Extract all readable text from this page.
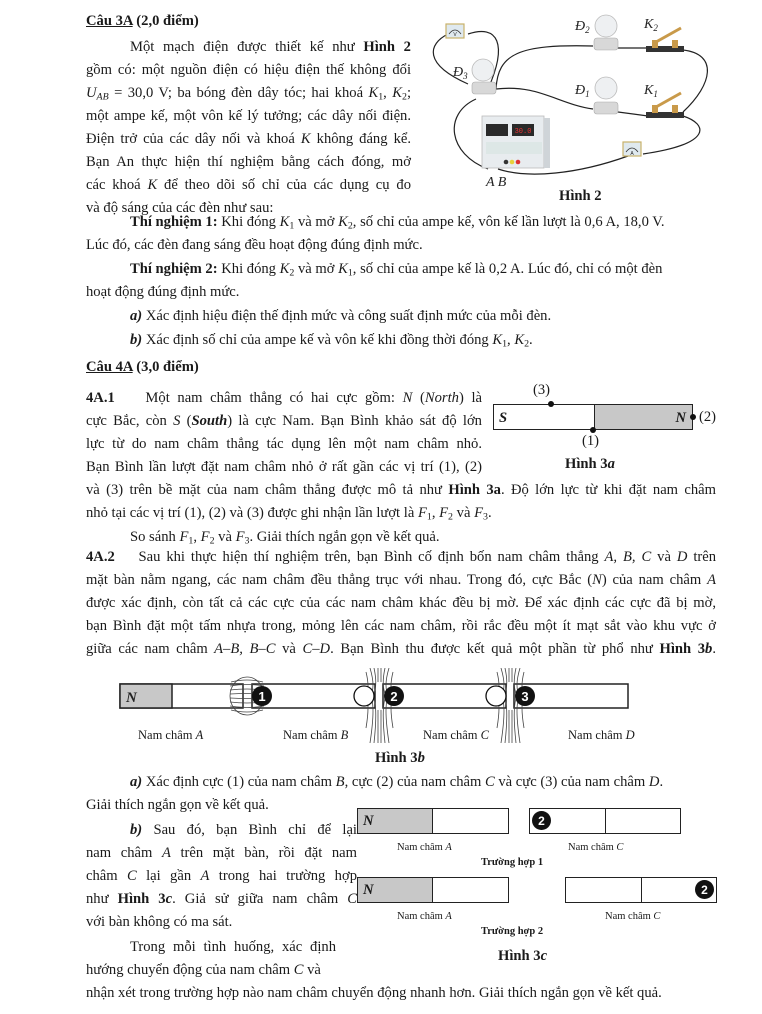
Câu 3A (2,0 điểm)
Một mạch điện được thiết kế như Hình 2
gồm có: một nguồn điện có hiệu điện thế không đổi
$U_{AB} = 30,0$ V; ba bóng đèn dây tóc; hai khoá $K_1$, $K_2$;
một ampe kế, một vôn kế lý tưởng; các dây nối điện.
Điện trở của các dây nối và khoá K không đáng kể.
Bạn An thực hiện thí nghiệm bằng cách đóng, mở
các khoá K để theo dõi số chỉ của các dụng cụ đo
và độ sáng của các đèn như sau:
V
$Đ_3$
$Đ_2$
$Đ_1$
$K_2$
$K_1$
A
30.0
A B
Hình 2
Thí nghiệm 1: Khi đóng $K_1$ và mở $K_2$, số chỉ của ampe kế, vôn kế lần lượt là 0,6 A, 18,0 V.
Lúc đó, các đèn đang sáng đều hoạt động đúng định mức.
Thí nghiệm 2: Khi đóng $K_2$ và mở $K_1$, số chỉ của ampe kế là 0,2 A. Lúc đó, chỉ có một đèn
hoạt động đúng định mức.
a) Xác định hiệu điện thế định mức và công suất định mức của mỗi đèn.
b) Xác định số chỉ của ampe kế và vôn kế khi đồng thời đóng $K_1$, $K_2$.
Câu 4A (3,0 điểm)
4A.1 Một nam châm thẳng có hai cực gồm: N (North) là
cực Bắc, còn S (South) là cực Nam. Bạn Bình khảo sát độ lớn
lực từ do nam châm thẳng tác dụng lên một nam châm nhỏ.
Bạn Bình lần lượt đặt nam châm nhỏ ở rất gần các vị trí (1), (2)
và (3) trên bề mặt của nam châm thẳng được mô tả như Hình 3a. Độ lớn lực từ khi đặt nam châm
nhỏ tại các vị trí (1), (2) và (3) được ghi nhận lần lượt là $F_1$, $F_2$ và $F_3$.
So sánh $F_1$, $F_2$ và $F_3$. Giải thích ngắn gọn về kết quả.
(3)
S	N (2)
(1)
Hình 3a
4A.2 Sau khi thực hiện thí nghiệm trên, bạn Bình cố định bốn nam châm thẳng A, B, C và D trên
mặt bàn nằm ngang, các nam châm đều thẳng trục với nhau. Trong đó, cực Bắc (N) của nam châm A
được xác định, còn tất cả các cực của các nam châm khác đều bị mờ. Để xác định các cực đã bị mờ,
bạn Bình đặt một tấm nhựa trong, mỏng lên các nam châm, rồi rắc đều một ít mạt sắt vào khu vực ở
giữa các nam châm A–B, B–C và C–D. Bạn Bình thu được kết quả một phần từ phổ như Hình 3b.
1	2	3
N
Nam châm A	Nam châm B	Nam châm C	Nam châm D
Hình 3b
a) Xác định cực (1) của nam châm B, cực (2) của nam châm C và cực (3) của nam châm D.
Giải thích ngắn gọn về kết quả.
b) Sau đó, bạn Bình chỉ để lại
nam châm A trên mặt bàn, rồi đặt nam
châm C lại gần A trong hai trường hợp
như Hình 3c. Giả sử giữa nam châm C
với bàn không có ma sát.
Trong mỗi tình huống, xác định
hướng chuyển động của nam châm C và
nhận xét trong trường hợp nào nam châm chuyển động nhanh hơn. Giải thích ngắn gọn về kết quả.
N	2
Nam châm A	Nam châm C
Trường hợp 1
N	2
Nam châm A	Nam châm C
Trường hợp 2
Hình 3c
